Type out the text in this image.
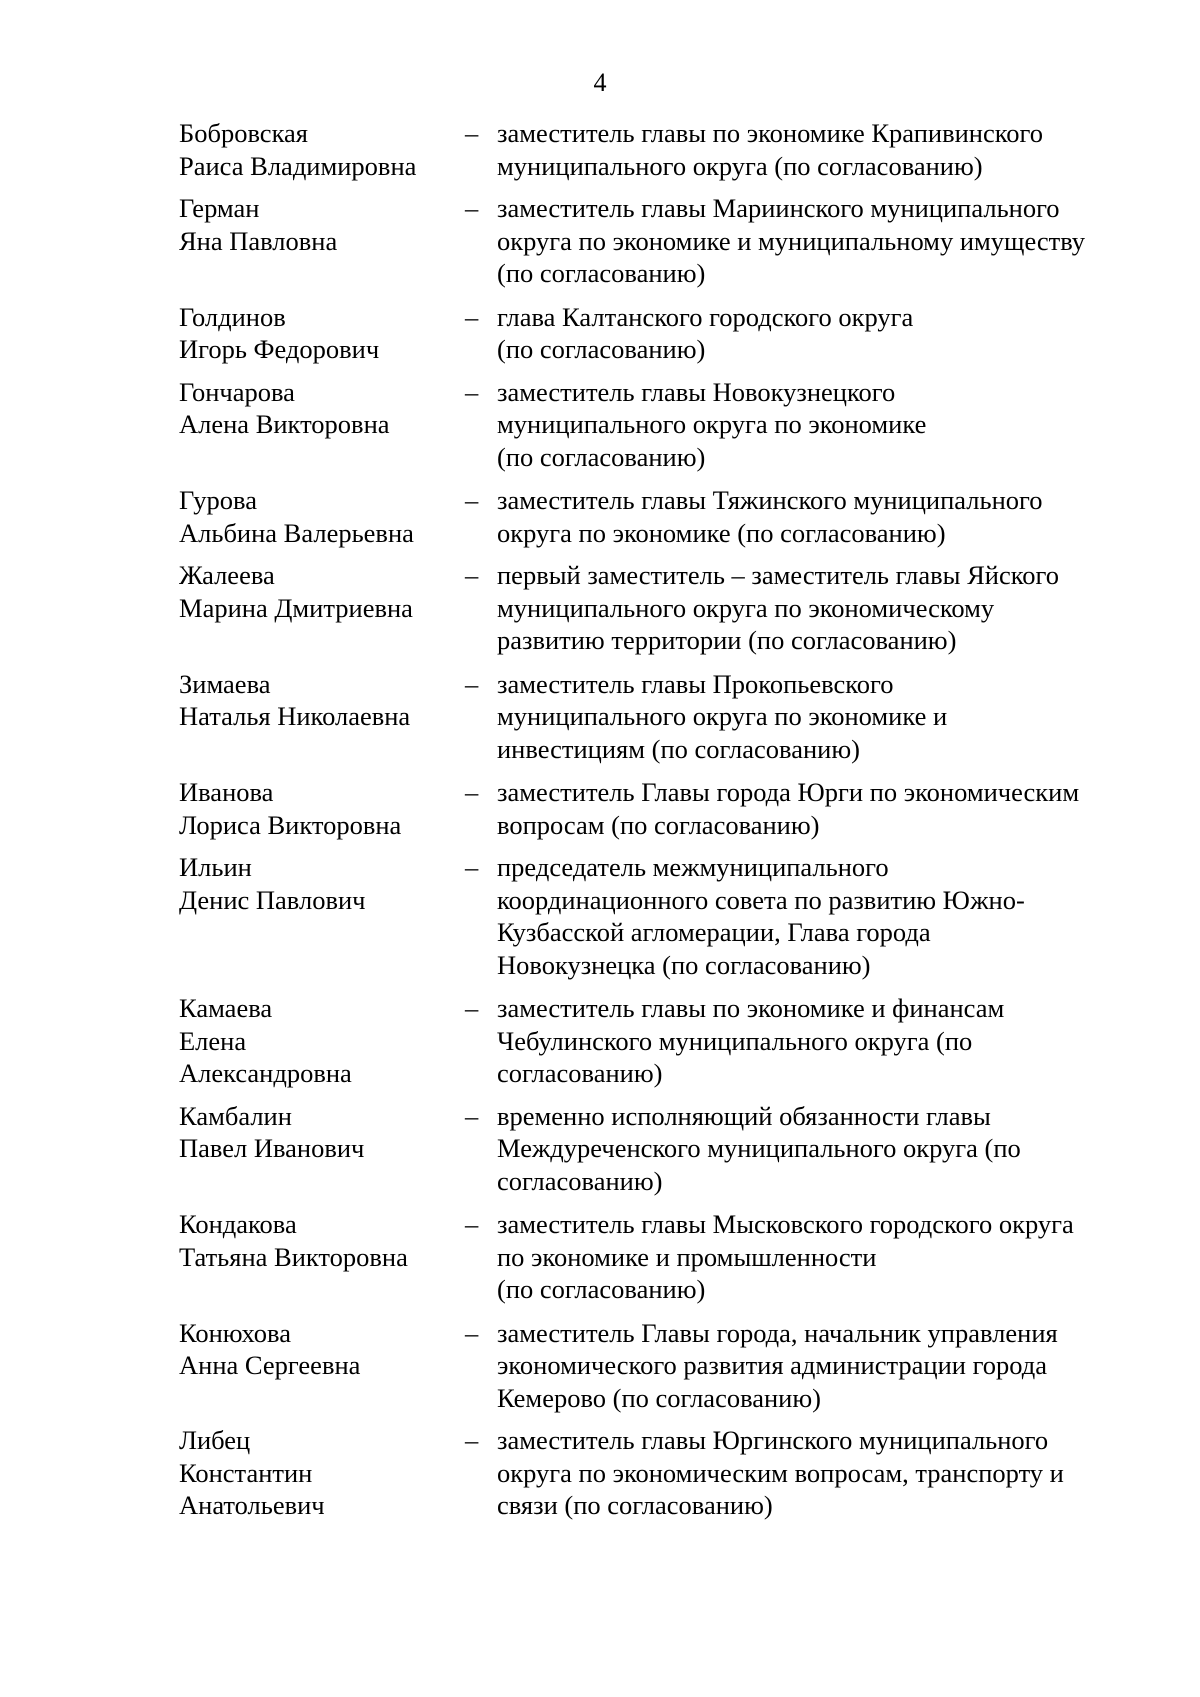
4
Бобровская
Раиса Владимировна
– заместитель главы по экономике Крапивинского
муниципального округа (по согласованию)
Герман
Яна Павловна
– заместитель главы Мариинского муниципального
округа по экономике и муниципальному имуществу
(по согласованию)
Голдинов
Игорь Федорович
– глава Калтанского городского округа
(по согласованию)
Гончарова
Алена Викторовна
– заместитель главы Новокузнецкого
муниципального округа по экономике
(по согласованию)
Гурова
Альбина Валерьевна
– заместитель главы Тяжинского муниципального
округа по экономике (по согласованию)
Жалеева
Марина Дмитриевна
– первый заместитель – заместитель главы Яйского
муниципального округа по экономическому
развитию территории (по согласованию)
Зимаева
Наталья Николаевна
– заместитель главы Прокопьевского
муниципального округа по экономике и
инвестициям (по согласованию)
Иванова
Лориса Викторовна
– заместитель Главы города Юрги по экономическим
вопросам (по согласованию)
Ильин
Денис Павлович
– председатель межмуниципального
координационного совета по развитию Южно-
Кузбасской агломерации, Глава города
Новокузнецка (по согласованию)
Камаева
Елена
Александровна
– заместитель главы по экономике и финансам
Чебулинского муниципального округа (по
согласованию)
Камбалин
Павел Иванович
– временно исполняющий обязанности главы
Междуреченского муниципального округа (по
согласованию)
Кондакова
Татьяна Викторовна
– заместитель главы Мысковского городского округа
по экономике и промышленности
(по согласованию)
Конюхова
Анна Сергеевна
– заместитель Главы города, начальник управления
экономического развития администрации города
Кемерово (по согласованию)
Либец
Константин
Анатольевич
– заместитель главы Юргинского муниципального
округа по экономическим вопросам, транспорту и
связи (по согласованию)
